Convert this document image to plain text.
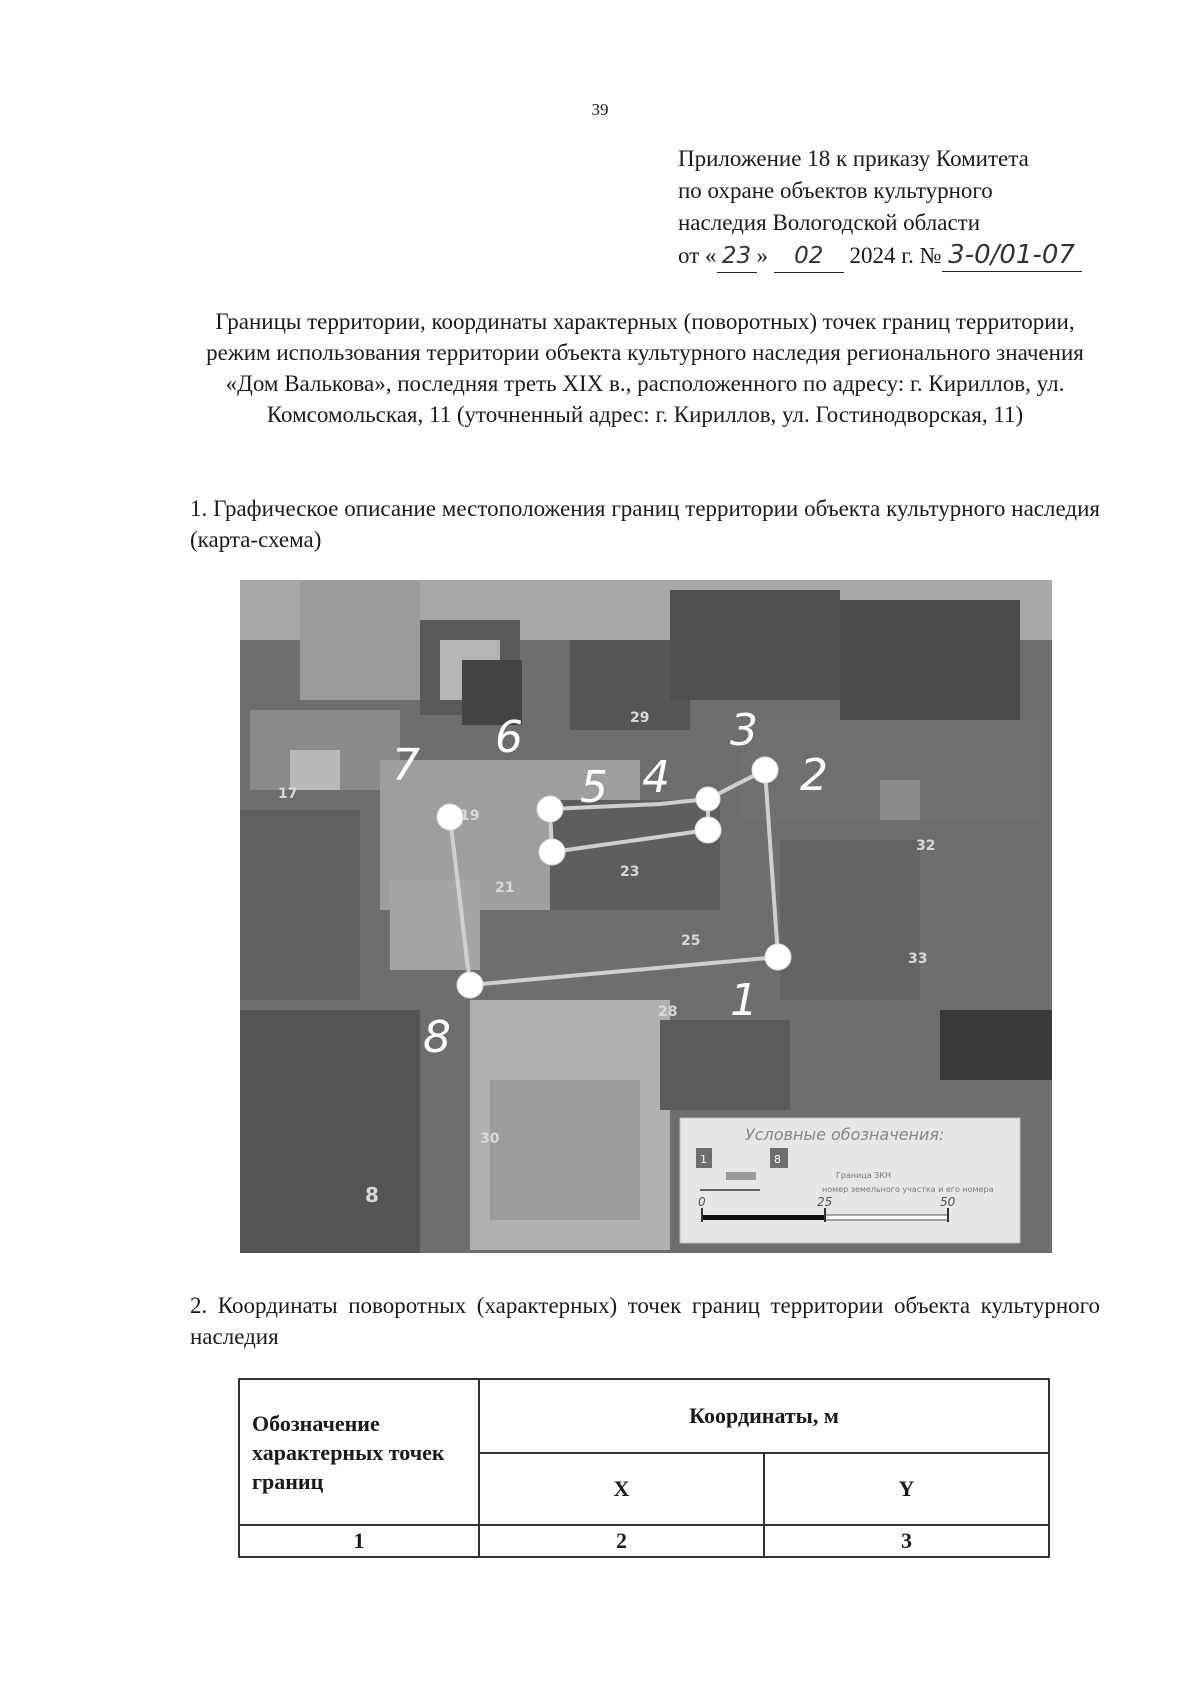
39
Приложение 18 к приказу Комитета
по охране объектов культурного
наследия Вологодской области
от « 23 » 02 2024 г. № 3-0/01-07
Границы территории, координаты характерных (поворотных) точек границ территории, режим использования территории объекта культурного наследия регионального значения «Дом Валькова», последняя треть XIX в., расположенного по адресу: г. Кириллов, ул. Комсомольская, 11 (уточненный адрес: г. Кириллов, ул. Гостинодворская, 11)
1. Графическое описание местоположения границ территории объекта культурного наследия (карта-схема)
1
2
3
4
5
6
7
8
17
19
21
23
25
28
29
30
32
33
8
Условные обозначения:
1	8
Граница ЗКН
номер земельного участка и его номера
0	25	50
2. Координаты поворотных (характерных) точек границ территории объекта культурного наследия
Обозначение характерных точек границ	Координаты, м	
	X	Y
1	2	3
